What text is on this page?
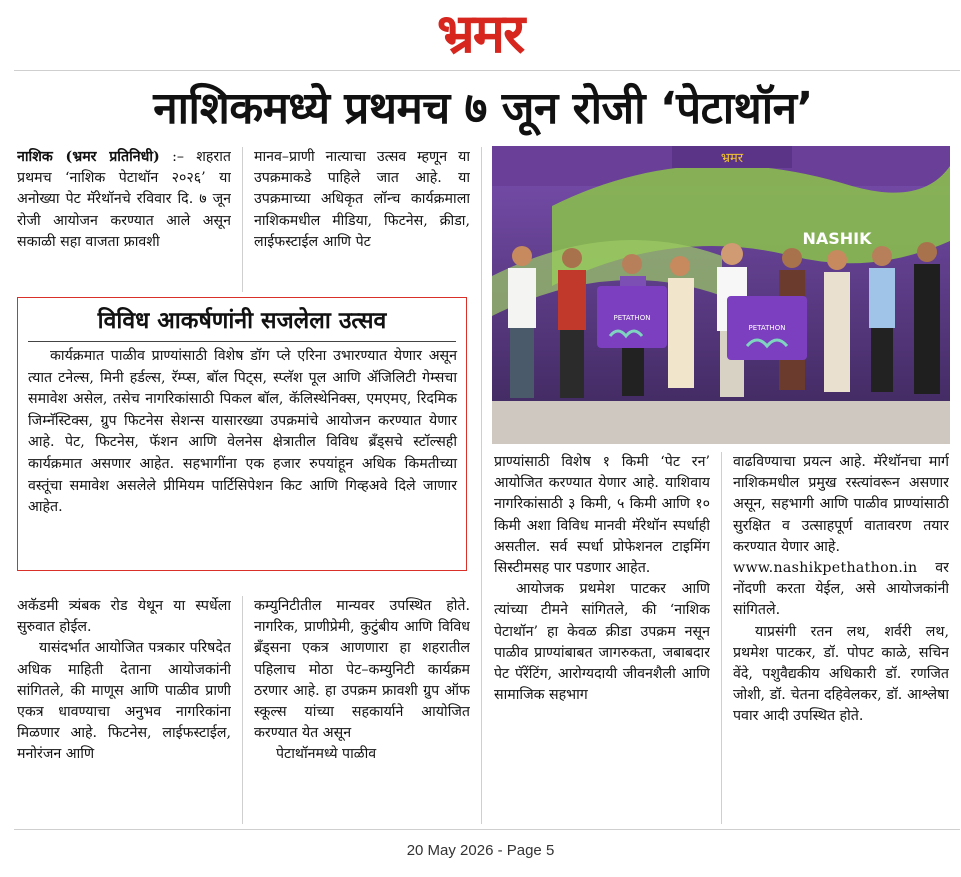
भ्रमर
नाशिकमध्ये प्रथमच ७ जून रोजी ‘पेटाथॉन’

नाशिक (भ्रमर प्रतिनिधी) :– शहरात प्रथमच ‘नाशिक पेटाथॉन २०२६’ या अनोख्या पेट मॅरेथॉनचे रविवार दि. ७ जून रोजी आयोजन करण्यात आले असून सकाळी सहा वाजता फ्रावशी

मानव–प्राणी नात्याचा उत्सव म्हणून या उपक्रमाकडे पाहिले जात आहे. या उपक्रमाच्या अधिकृत लॉन्च कार्यक्रमाला नाशिकमधील मीडिया, फिटनेस, क्रीडा, लाईफस्टाईल आणि पेट

विविध आकर्षणांनी सजलेला उत्सव

कार्यक्रमात पाळीव प्राण्यांसाठी विशेष डॉग प्ले एरिना उभारण्यात येणार असून त्यात टनेल्स, मिनी हर्डल्स, रॅम्प्स, बॉल पिट्स, स्प्लॅश पूल आणि ॲजिलिटी गेम्सचा समावेश असेल, तसेच नागरिकांसाठी पिकल बॉल, कॅलिस्थेनिक्स, एमएमए, रिदमिक जिम्नॅस्टिक्स, ग्रुप फिटनेस सेशन्स यासारख्या उपक्रमांचे आयोजन करण्यात येणार आहे. पेट, फिटनेस, फॅशन आणि वेलनेस क्षेत्रातील विविध ब्रँड्सचे स्टॉल्सही कार्यक्रमात असणार आहेत. सहभागींना एक हजार रुपयांहून अधिक किमतीच्या वस्तूंचा समावेश असलेले प्रीमियम पार्टिसिपेशन किट आणि गिव्हअवे दिले जाणार आहेत.

भ्रमर
NASHIK
PETATHON
PETATHON

प्राण्यांसाठी विशेष १ किमी ‘पेट रन’ आयोजित करण्यात येणार आहे. याशिवाय नागरिकांसाठी ३ किमी, ५ किमी आणि १० किमी अशा विविध मानवी मॅरेथॉन स्पर्धाही असतील. सर्व स्पर्धा प्रोफेशनल टाइमिंग सिस्टीमसह पार पडणार आहेत.

आयोजक प्रथमेश पाटकर आणि त्यांच्या टीमने सांगितले, की ‘नाशिक पेटाथॉन’ हा केवळ क्रीडा उपक्रम नसून पाळीव प्राण्यांबाबत जागरुकता, जबाबदार पेट पॅरेंटिंग, आरोग्यदायी जीवनशैली आणि सामाजिक सहभाग

वाढविण्याचा प्रयत्न आहे. मॅरेथॉनचा मार्ग नाशिकमधील प्रमुख रस्त्यांवरून असणार असून, सहभागी आणि पाळीव प्राण्यांसाठी सुरक्षित व उत्साहपूर्ण वातावरण तयार करण्यात येणार आहे.

www.nashikpethathon.in वर नोंदणी करता येईल, असे आयोजकांनी सांगितले.

याप्रसंगी रतन लथ, शर्वरी लथ, प्रथमेश पाटकर, डॉ. पोपट काळे, सचिन वेंदे, पशुवैद्यकीय अधिकारी डॉ. रणजित जोशी, डॉ. चेतना दहिवेलकर, डॉ. आश्लेषा पवार आदी उपस्थित होते.

अकॅडमी त्र्यंबक रोड येथून या स्पर्धेला सुरुवात होईल.

यासंदर्भात आयोजित पत्रकार परिषदेत अधिक माहिती देताना आयोजकांनी सांगितले, की माणूस आणि पाळीव प्राणी एकत्र धावण्याचा अनुभव नागरिकांना मिळणार आहे. फिटनेस, लाईफस्टाईल, मनोरंजन आणि

कम्युनिटीतील मान्यवर उपस्थित होते. नागरिक, प्राणीप्रेमी, कुटुंबीय आणि विविध ब्रँड्सना एकत्र आणणारा हा शहरातील पहिलाच मोठा पेट–कम्युनिटी कार्यक्रम ठरणार आहे. हा उपक्रम फ्रावशी ग्रुप ऑफ स्कूल्स यांच्या सहकार्याने आयोजित करण्यात येत असून

पेटाथॉनमध्ये पाळीव

20 May 2026 - Page 5
